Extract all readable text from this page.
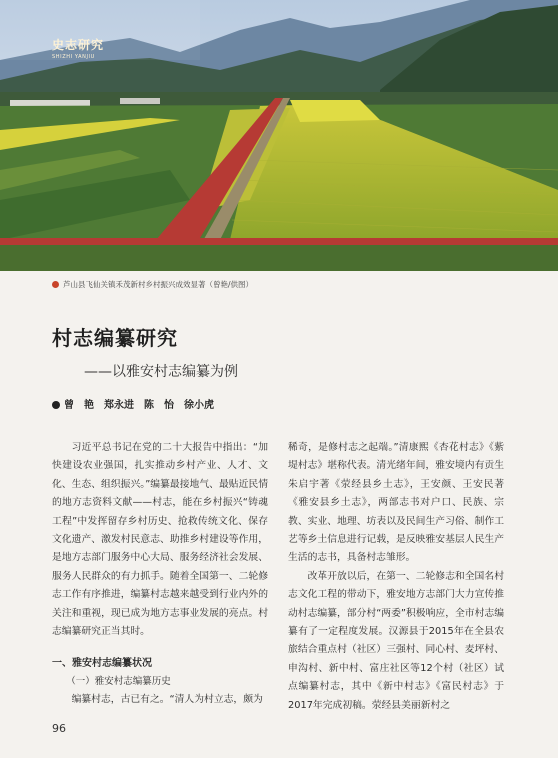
史志研究
SHIZHI YANJIU
芦山县飞仙关镇禾茂新村乡村振兴成效显著（曾艳/供图）
村志编纂研究
——以雅安村志编纂为例
曾　艳　郑永进　陈　怡　徐小虎

习近平总书记在党的二十大报告中指出：“加快建设农业强国，扎实推动乡村产业、人才、文化、生态、组织振兴。”编纂最接地气、最贴近民情的地方志资料文献——村志，能在乡村振兴“铸魂工程”中发挥留存乡村历史、抢救传统文化、保存文化遗产、激发村民意志、助推乡村建设等作用，是地方志部门服务中心大局、服务经济社会发展、服务人民群众的有力抓手。随着全国第一、二轮修志工作有序推进，编纂村志越来越受到行业内外的关注和重视，现已成为地方志事业发展的亮点。村志编纂研究正当其时。

一、雅安村志编纂状况
（一）雅安村志编纂历史

编纂村志，古已有之。“清人为村立志，颇为

稀奇，是修村志之起端。”清康熙《杏花村志》《紫堤村志》堪称代表。清光绪年间，雅安境内有贡生朱启宇著《荥经县乡土志》，王安颜、王安民著《雅安县乡土志》，两部志书对户口、民族、宗教、实业、地理、坊表以及民间生产习俗、制作工艺等乡土信息进行记载，是反映雅安基层人民生产生活的志书，具备村志雏形。

改革开放以后，在第一、二轮修志和全国名村志文化工程的带动下，雅安地方志部门大力宣传推动村志编纂，部分村“两委”积极响应，全市村志编纂有了一定程度发展。汉源县于2015年在全县农旅结合重点村（社区）三强村、同心村、麦坪村、申沟村、新中村、富庄社区等12个村（社区）试点编纂村志，其中《新中村志》《富民村志》于2017年完成初稿。荥经县美丽新村之

96
